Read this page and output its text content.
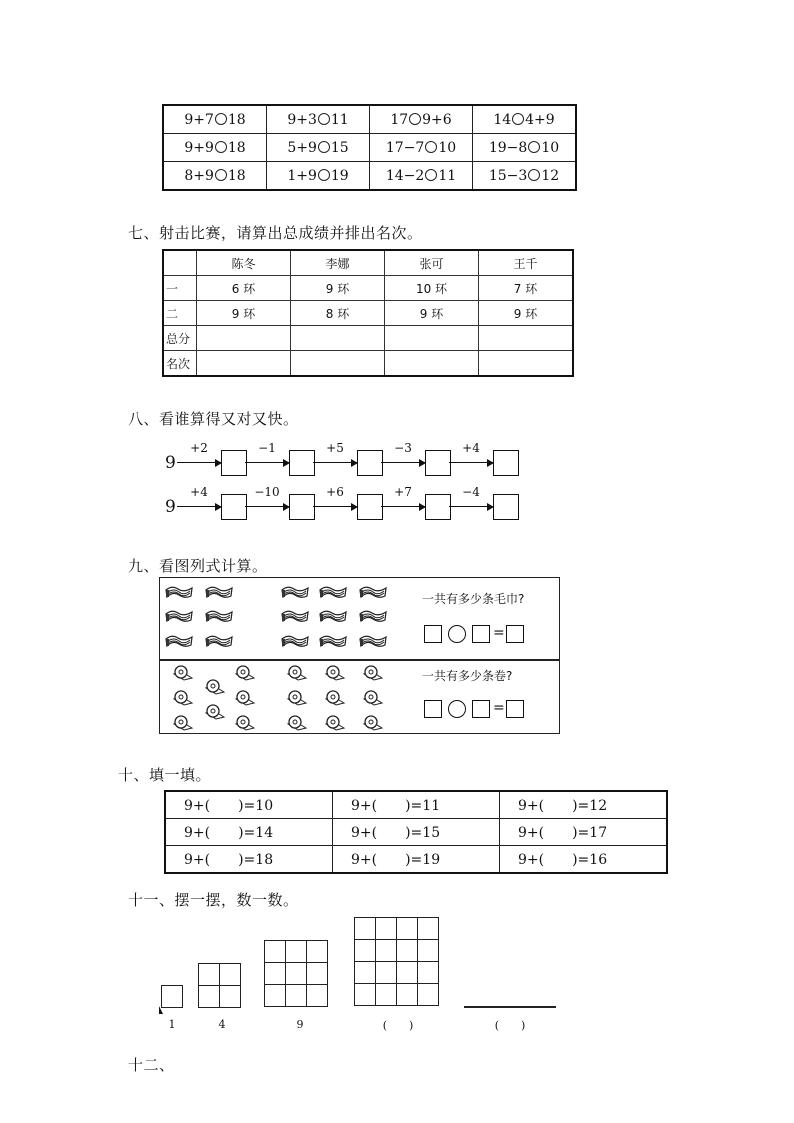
9+7 18	9+3 11	17 9+6	14 4+9
9+9 18	5+9 15	17−7 10	19−8 10
8+9 18	1+9 19	14−2 11	15−3 12
七、射击比赛，请算出总成绩并排出名次。
	陈冬	李娜	张可	王千
一	6 环	9 环	10 环	7 环
二	9 环	8 环	9 环	9 环
总分				
名次				
八、看谁算得又对又快。
9
+2	−1	+5	−3	+4
9
+4	−10	+6	+7	−4
九、看图列式计算。
一共有多少条毛巾?
一共有多少条卷?
=
=
十、填一填。
9+(　　)=10	9+(　　)=11	9+(　　)=12
9+(　　)=14	9+(　　)=15	9+(　　)=17
9+(　　)=18	9+(　　)=19	9+(　　)=16
十一、摆一摆，数一数。

1	4	9	(　　)	(　　)
十二、
